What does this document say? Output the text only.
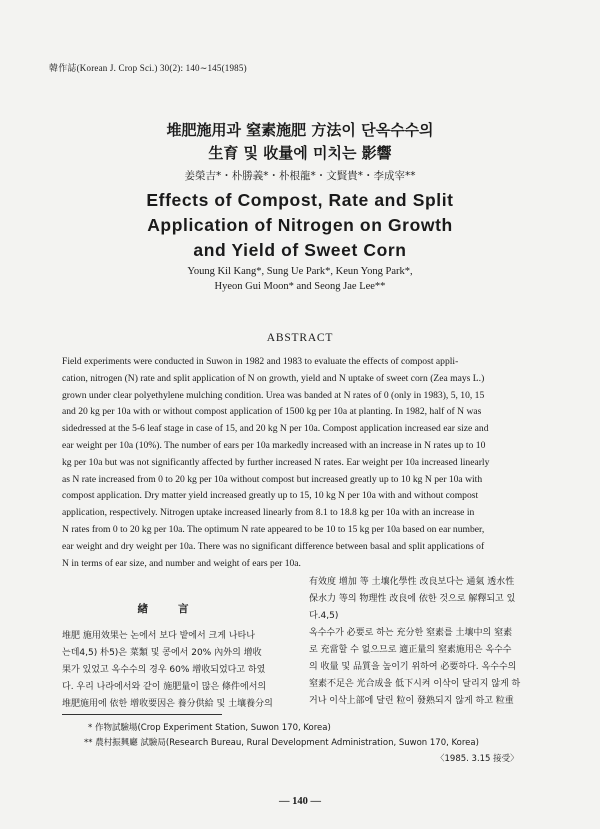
韓作誌(Korean J. Crop Sci.) 30(2): 140∼145(1985)
堆肥施用과 窒素施肥 方法이 단옥수수의
生育 및 收量에 미치는 影響
姜榮吉*・朴勝義*・朴根龍*・文賢貴*・李成宰**
Effects of Compost, Rate and Split
Application of Nitrogen on Growth
and Yield of Sweet Corn
Young Kil Kang*, Sung Ue Park*, Keun Yong Park*,
Hyeon Gui Moon* and Seong Jae Lee**
ABSTRACT
Field experiments were conducted in Suwon in 1982 and 1983 to evaluate the effects of compost appli-
cation, nitrogen (N) rate and split application of N on growth, yield and N uptake of sweet corn (Zea mays L.)
grown under clear polyethylene mulching condition. Urea was banded at N rates of 0 (only in 1983), 5, 10, 15
and 20 kg per 10a with or without compost application of 1500 kg per 10a at planting. In 1982, half of N was
sidedressed at the 5-6 leaf stage in case of 15, and 20 kg N per 10a. Compost application increased ear size and
ear weight per 10a (10%). The number of ears per 10a markedly increased with an increase in N rates up to 10
kg per 10a but was not significantly affected by further increased N rates. Ear weight per 10a increased linearly
as N rate increased from 0 to 20 kg per 10a without compost but increased greatly up to 10 kg N per 10a with
compost application. Dry matter yield increased greatly up to 15, 10 kg N per 10a with and without compost
application, respectively. Nitrogen uptake increased linearly from 8.1 to 18.8 kg per 10a with an increase in
N rates from 0 to 20 kg per 10a. The optimum N rate appeared to be 10 to 15 kg per 10a based on ear number,
ear weight and dry weight per 10a. There was no significant difference between basal and split applications of
N in terms of ear size, and number and weight of ears per 10a.
緖言
堆肥 施用效果는 논에서 보다 밭에서 크게 나타나
는데4,5) 朴5)은 菜類 및 콩에서 20% 內外의 增收
果가 있었고 옥수수의 경우 60% 增收되었다고 하였
다. 우리 나라에서와 같이 施肥量이 많은 條件에서의
堆肥施用에 依한 增收要因은 養分供給 및 土壤養分의
有效度 增加 等 土壤化學性 改良보다는 通氣 透水性
保水力 等의 物理性 改良에 依한 것으로 解釋되고 있
다.4,5)
옥수수가 必要로 하는 充分한 窒素를 土壤中의 窒素
로 充當할 수 없으므로 適正量의 窒素施用은 옥수수
의 收量 및 品質을 높이기 위하여 必要하다. 옥수수의
窒素不足은 光合成을 低下시켜 이삭이 달리지 않게 하
거나 이삭上部에 달린 粒이 發熟되지 않게 하고 粒重
* 作物試驗場(Crop Experiment Station, Suwon 170, Korea)
** 農村振興廳 試驗局(Research Bureau, Rural Development Administration, Suwon 170, Korea)
〈1985. 3.15 接受〉
— 140 —
